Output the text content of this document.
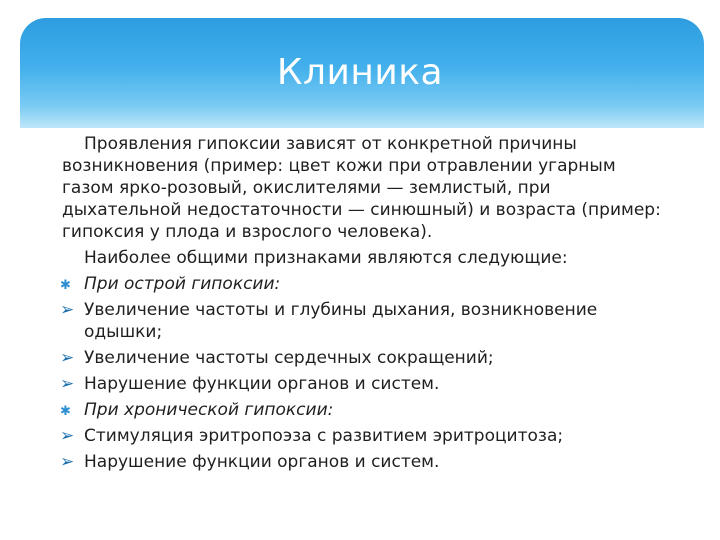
Клиника

Проявления гипоксии зависят от конкретной причины возникновения (пример: цвет кожи при отравлении угарным газом ярко-розовый, окислителями — землистый, при дыхательной недостаточности — синюшный) и возраста (пример: гипоксия у плода и взрослого человека).

Наиболее общими признаками являются следующие:

✱ При острой гипоксии:
➢ Увеличение частоты и глубины дыхания, возникновение одышки;
➢ Увеличение частоты сердечных сокращений;
➢ Нарушение функции органов и систем.
✱ При хронической гипоксии:
➢ Стимуляция эритропоэза с развитием эритроцитоза;
➢ Нарушение функции органов и систем.
